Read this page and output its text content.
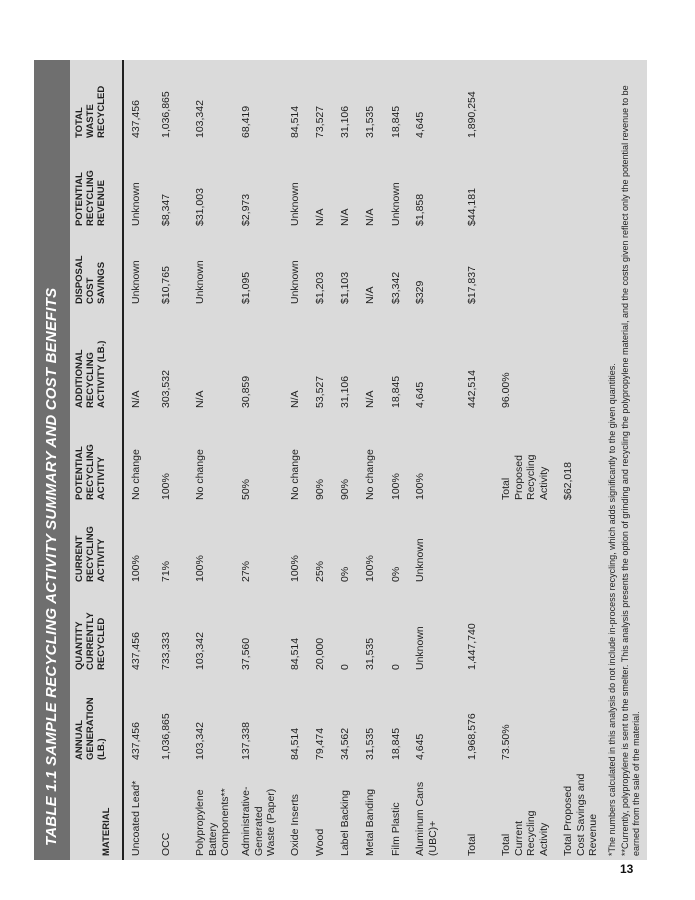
TABLE 1.1 SAMPLE RECYCLING ACTIVITY SUMMARY AND COST BENEFITS	MATERIAL
ANNUAL
GENERATION
(LB.)
QUANTITY
CURRENTLY
RECYCLED
CURRENT
RECYCLING
ACTIVITY
POTENTIAL
RECYCLING
ACTIVITY
ADDITIONAL
RECYCLING
ACTIVITY (LB.)
DISPOSAL
COST
SAVINGS
POTENTIAL
RECYCLING
REVENUE
TOTAL
WASTE
RECYCLED
Uncoated Lead*
437,456
437,456
100%
No change
N/A
Unknown
Unknown
437,456
OCC
1,036,865
733,333
71%
100%
303,532
$10,765
$8,347
1,036,865
Polypropylene
Battery
Components**
103,342
103,342
100%
No change
N/A
Unknown
$31,003
103,342
Administrative-
Generated
Waste (Paper)
137,338
37,560
27%
50%
30,859
$1,095
$2,973
68,419
Oxide Inserts
84,514
84,514
100%
No change
N/A
Unknown
Unknown
84,514
Wood
79,474
20,000
25%
90%
53,527
$1,203
N/A
73,527
Label Backing
34,562
0
0%
90%
31,106
$1,103
N/A
31,106
Metal Banding
31,535
31,535
100%
No change
N/A
N/A
N/A
31,535
Film Plastic
18,845
0
0%
100%
18,845
$3,342
Unknown
18,845
Aluminum Cans
(UBC)+
4,645
Unknown
Unknown
100%
4,645
$329
$1,858
4,645
Total
1,968,576
1,447,740
442,514
$17,837
$44,181
1,890,254
Total
Current
Recycling
Activity
73.50%
Total
Proposed
Recycling
Activity
96.00%
Total Proposed
Cost Savings and
Revenue
$62,018	*The numbers calculated in this analysis do not include in-process recycling, which adds significantly to the given quantities. **Currently, polypropylene is sent to the smelter. This analysis presents the option of grinding and recycling the polypropylene material, and the costs given reflect only the potential revenue to be earned from the sale of the material.
13
